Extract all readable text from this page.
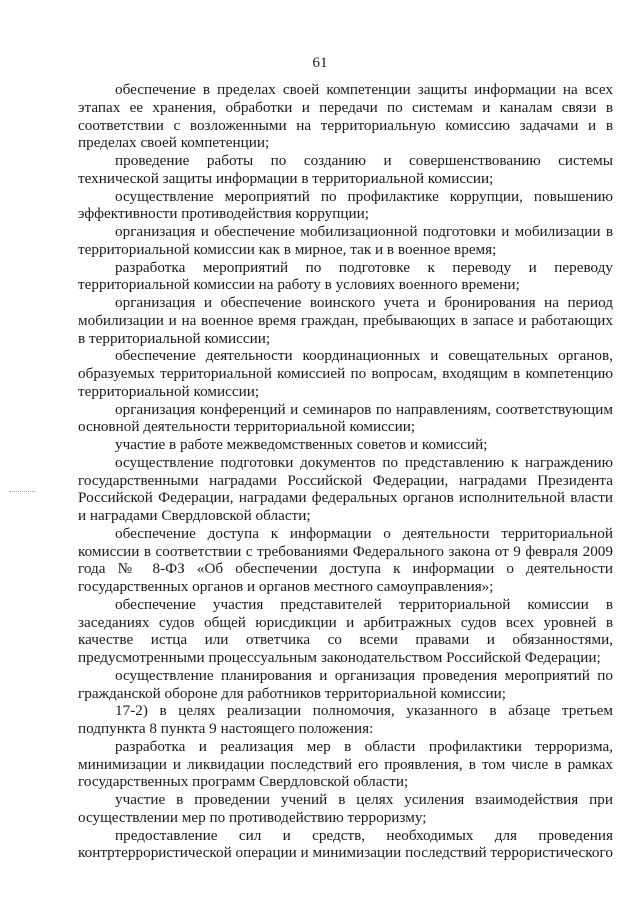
61

обеспечение в пределах своей компетенции защиты информации на всех этапах ее хранения, обработки и передачи по системам и каналам связи в соответствии с возложенными на территориальную комиссию задачами и в пределах своей компетенции;

проведение работы по созданию и совершенствованию системы технической защиты информации в территориальной комиссии;

осуществление мероприятий по профилактике коррупции, повышению эффективности противодействия коррупции;

организация и обеспечение мобилизационной подготовки и мобилизации в территориальной комиссии как в мирное, так и в военное время;

разработка мероприятий по подготовке к переводу и переводу территориальной комиссии на работу в условиях военного времени;

организация и обеспечение воинского учета и бронирования на период мобилизации и на военное время граждан, пребывающих в запасе и работающих в территориальной комиссии;

обеспечение деятельности координационных и совещательных органов, образуемых территориальной комиссией по вопросам, входящим в компетенцию территориальной комиссии;

организация конференций и семинаров по направлениям, соответствующим основной деятельности территориальной комиссии;

участие в работе межведомственных советов и комиссий;

осуществление подготовки документов по представлению к награждению государственными наградами Российской Федерации, наградами Президента Российской Федерации, наградами федеральных органов исполнительной власти и наградами Свердловской области;

обеспечение доступа к информации о деятельности территориальной комиссии в соответствии с требованиями Федерального закона от 9 февраля 2009 года № 8-ФЗ «Об обеспечении доступа к информации о деятельности государственных органов и органов местного самоуправления»;

обеспечение участия представителей территориальной комиссии в заседаниях судов общей юрисдикции и арбитражных судов всех уровней в качестве истца или ответчика со всеми правами и обязанностями, предусмотренными процессуальным законодательством Российской Федерации;

осуществление планирования и организация проведения мероприятий по гражданской обороне для работников территориальной комиссии;

17-2) в целях реализации полномочия, указанного в абзаце третьем подпункта 8 пункта 9 настоящего положения:

разработка и реализация мер в области профилактики терроризма, минимизации и ликвидации последствий его проявления, в том числе в рамках государственных программ Свердловской области;

участие в проведении учений в целях усиления взаимодействия при осуществлении мер по противодействию терроризму;

предоставление сил и средств, необходимых для проведения контртеррористической операции и минимизации последствий террористического
